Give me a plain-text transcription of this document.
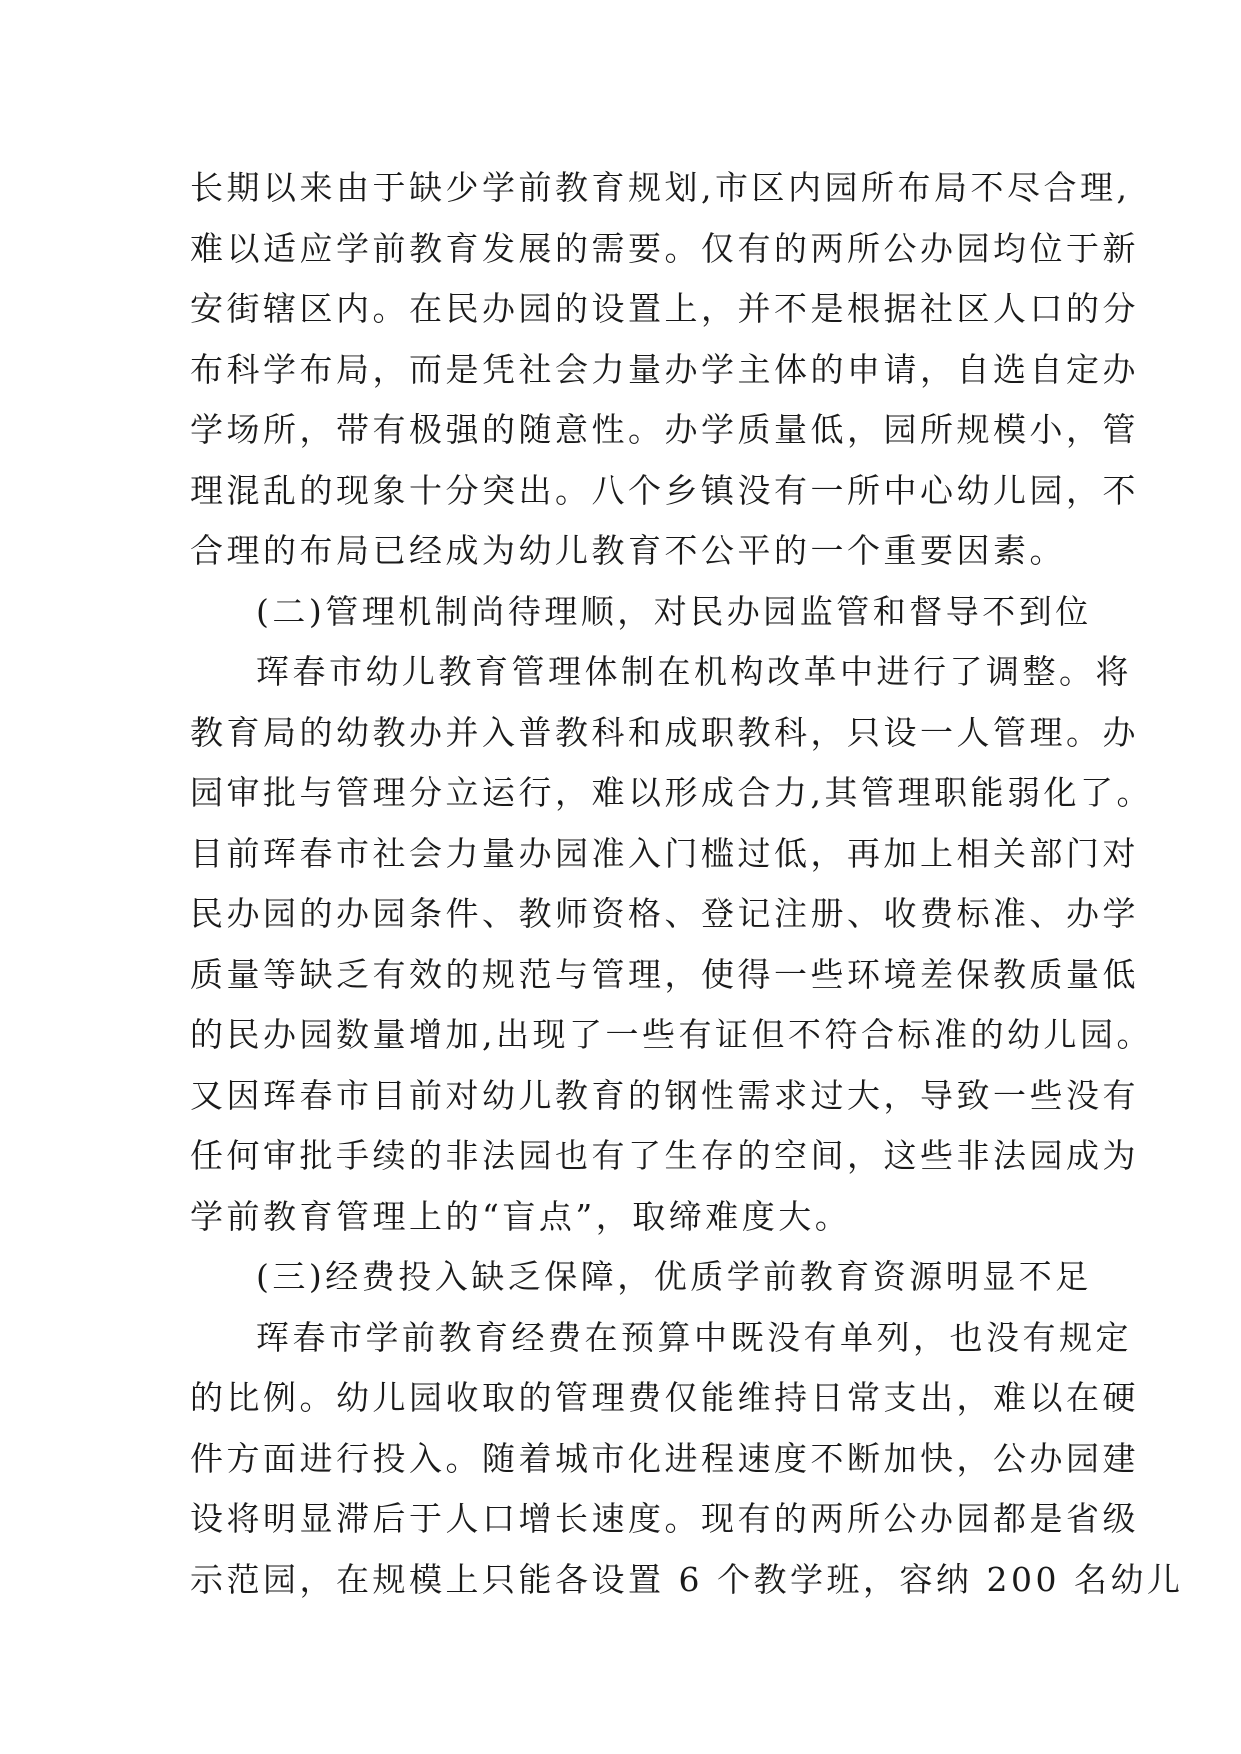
长期以来由于缺少学前教育规划,市区内园所布局不尽合理,
难以适应学前教育发展的需要。仅有的两所公办园均位于新
安街辖区内。在民办园的设置上，并不是根据社区人口的分
布科学布局，而是凭社会力量办学主体的申请，自选自定办
学场所，带有极强的随意性。办学质量低，园所规模小，管
理混乱的现象十分突出。八个乡镇没有一所中心幼儿园，不
合理的布局已经成为幼儿教育不公平的一个重要因素。
(二)管理机制尚待理顺，对民办园监管和督导不到位
珲春市幼儿教育管理体制在机构改革中进行了调整。将
教育局的幼教办并入普教科和成职教科，只设一人管理。办
园审批与管理分立运行，难以形成合力,其管理职能弱化了。
目前珲春市社会力量办园准入门槛过低，再加上相关部门对
民办园的办园条件、教师资格、登记注册、收费标准、办学
质量等缺乏有效的规范与管理，使得一些环境差保教质量低
的民办园数量增加,出现了一些有证但不符合标准的幼儿园。
又因珲春市目前对幼儿教育的钢性需求过大，导致一些没有
任何审批手续的非法园也有了生存的空间，这些非法园成为
学前教育管理上的“盲点”，取缔难度大。
(三)经费投入缺乏保障，优质学前教育资源明显不足
珲春市学前教育经费在预算中既没有单列，也没有规定
的比例。幼儿园收取的管理费仅能维持日常支出，难以在硬
件方面进行投入。随着城市化进程速度不断加快，公办园建
设将明显滞后于人口增长速度。现有的两所公办园都是省级
示范园，在规模上只能各设置 6 个教学班，容纳 200 名幼儿
